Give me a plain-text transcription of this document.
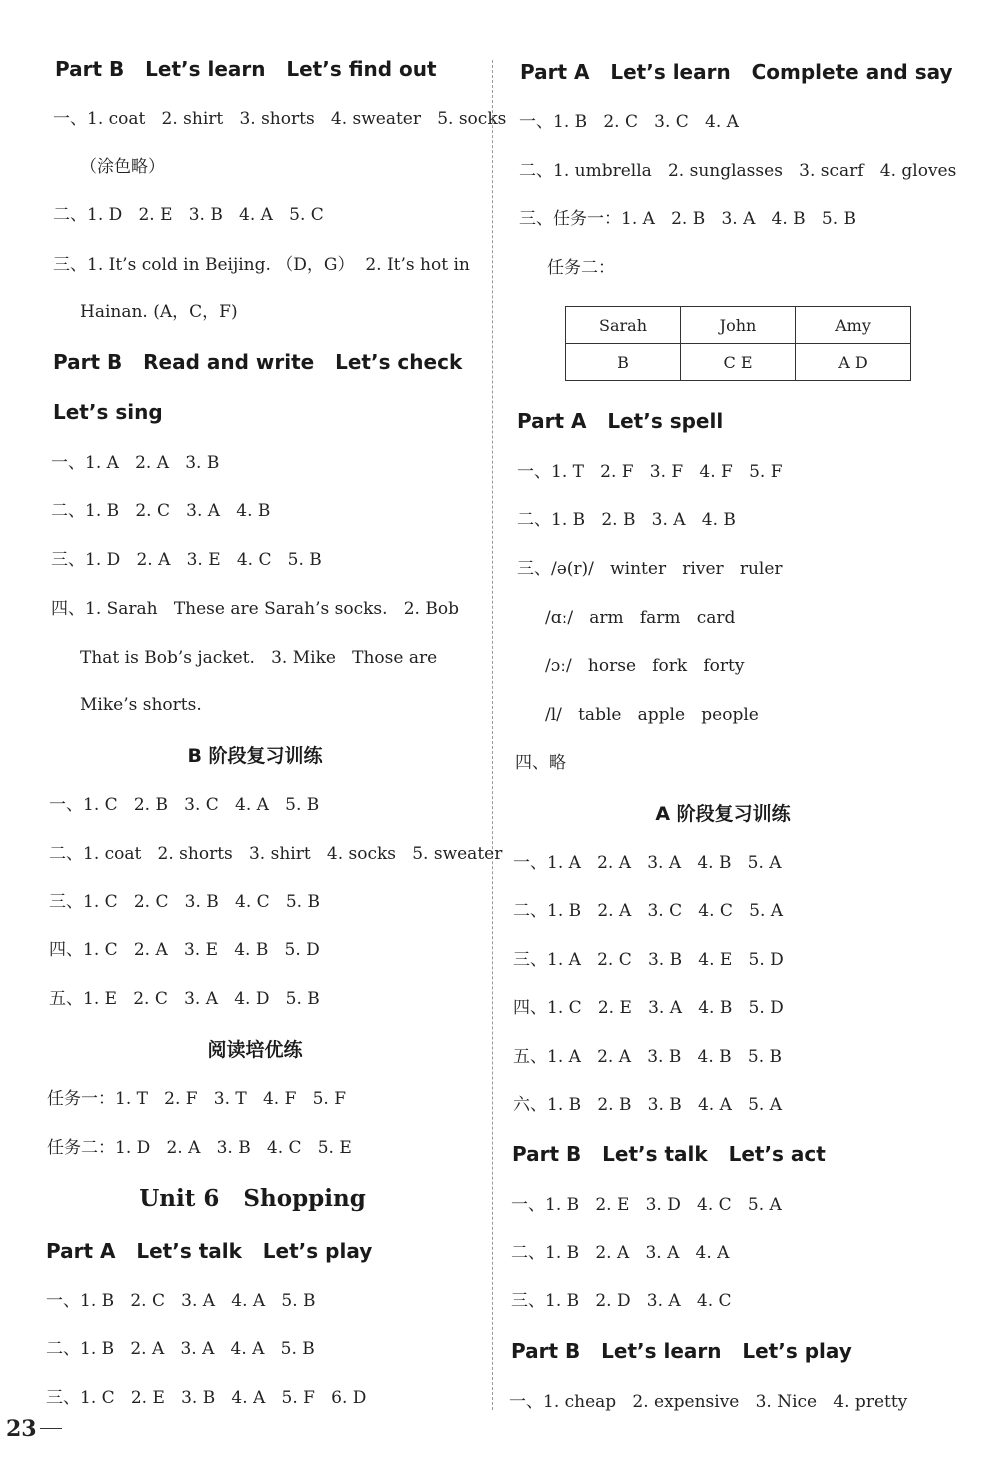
Part B   Let’s learn   Let’s find out
一、1. coat   2. shirt   3. shorts   4. sweater   5. socks
（涂色略）
二、1. D   2. E   3. B   4. A   5. C
三、1. It’s cold in Beijing. （D，G）  2. It’s hot in
Hainan. (A，C，F)
Part B   Read and write   Let’s check
Let’s sing
一、1. A   2. A   3. B
二、1. B   2. C   3. A   4. B
三、1. D   2. A   3. E   4. C   5. B
四、1. Sarah   These are Sarah’s socks.   2. Bob
That is Bob’s jacket.   3. Mike   Those are
Mike’s shorts.
B 阶段复习训练
一、1. C   2. B   3. C   4. A   5. B
二、1. coat   2. shorts   3. shirt   4. socks   5. sweater
三、1. C   2. C   3. B   4. C   5. B
四、1. C   2. A   3. E   4. B   5. D
五、1. E   2. C   3. A   4. D   5. B
阅读培优练
任务一：1. T   2. F   3. T   4. F   5. F
任务二：1. D   2. A   3. B   4. C   5. E
Unit 6   Shopping
Part A   Let’s talk   Let’s play
一、1. B   2. C   3. A   4. A   5. B
二、1. B   2. A   3. A   4. A   5. B
三、1. C   2. E   3. B   4. A   5. F   6. D
Part A   Let’s learn   Complete and say
一、1. B   2. C   3. C   4. A
二、1. umbrella   2. sunglasses   3. scarf   4. gloves
三、任务一：1. A   2. B   3. A   4. B   5. B
任务二：
Sarah	John	Amy
B	C E	A D
Part A   Let’s spell
一、1. T   2. F   3. F   4. F   5. F
二、1. B   2. B   3. A   4. B
三、/ə(r)/   winter   river   ruler
/ɑː/   arm   farm   card
/ɔː/   horse   fork   forty
/l/   table   apple   people
四、略
A 阶段复习训练
一、1. A   2. A   3. A   4. B   5. A
二、1. B   2. A   3. C   4. C   5. A
三、1. A   2. C   3. B   4. E   5. D
四、1. C   2. E   3. A   4. B   5. D
五、1. A   2. A   3. B   4. B   5. B
六、1. B   2. B   3. B   4. A   5. A
Part B   Let’s talk   Let’s act
一、1. B   2. E   3. D   4. C   5. A
二、1. B   2. A   3. A   4. A
三、1. B   2. D   3. A   4. C
Part B   Let’s learn   Let’s play
一、1. cheap   2. expensive   3. Nice   4. pretty
23
